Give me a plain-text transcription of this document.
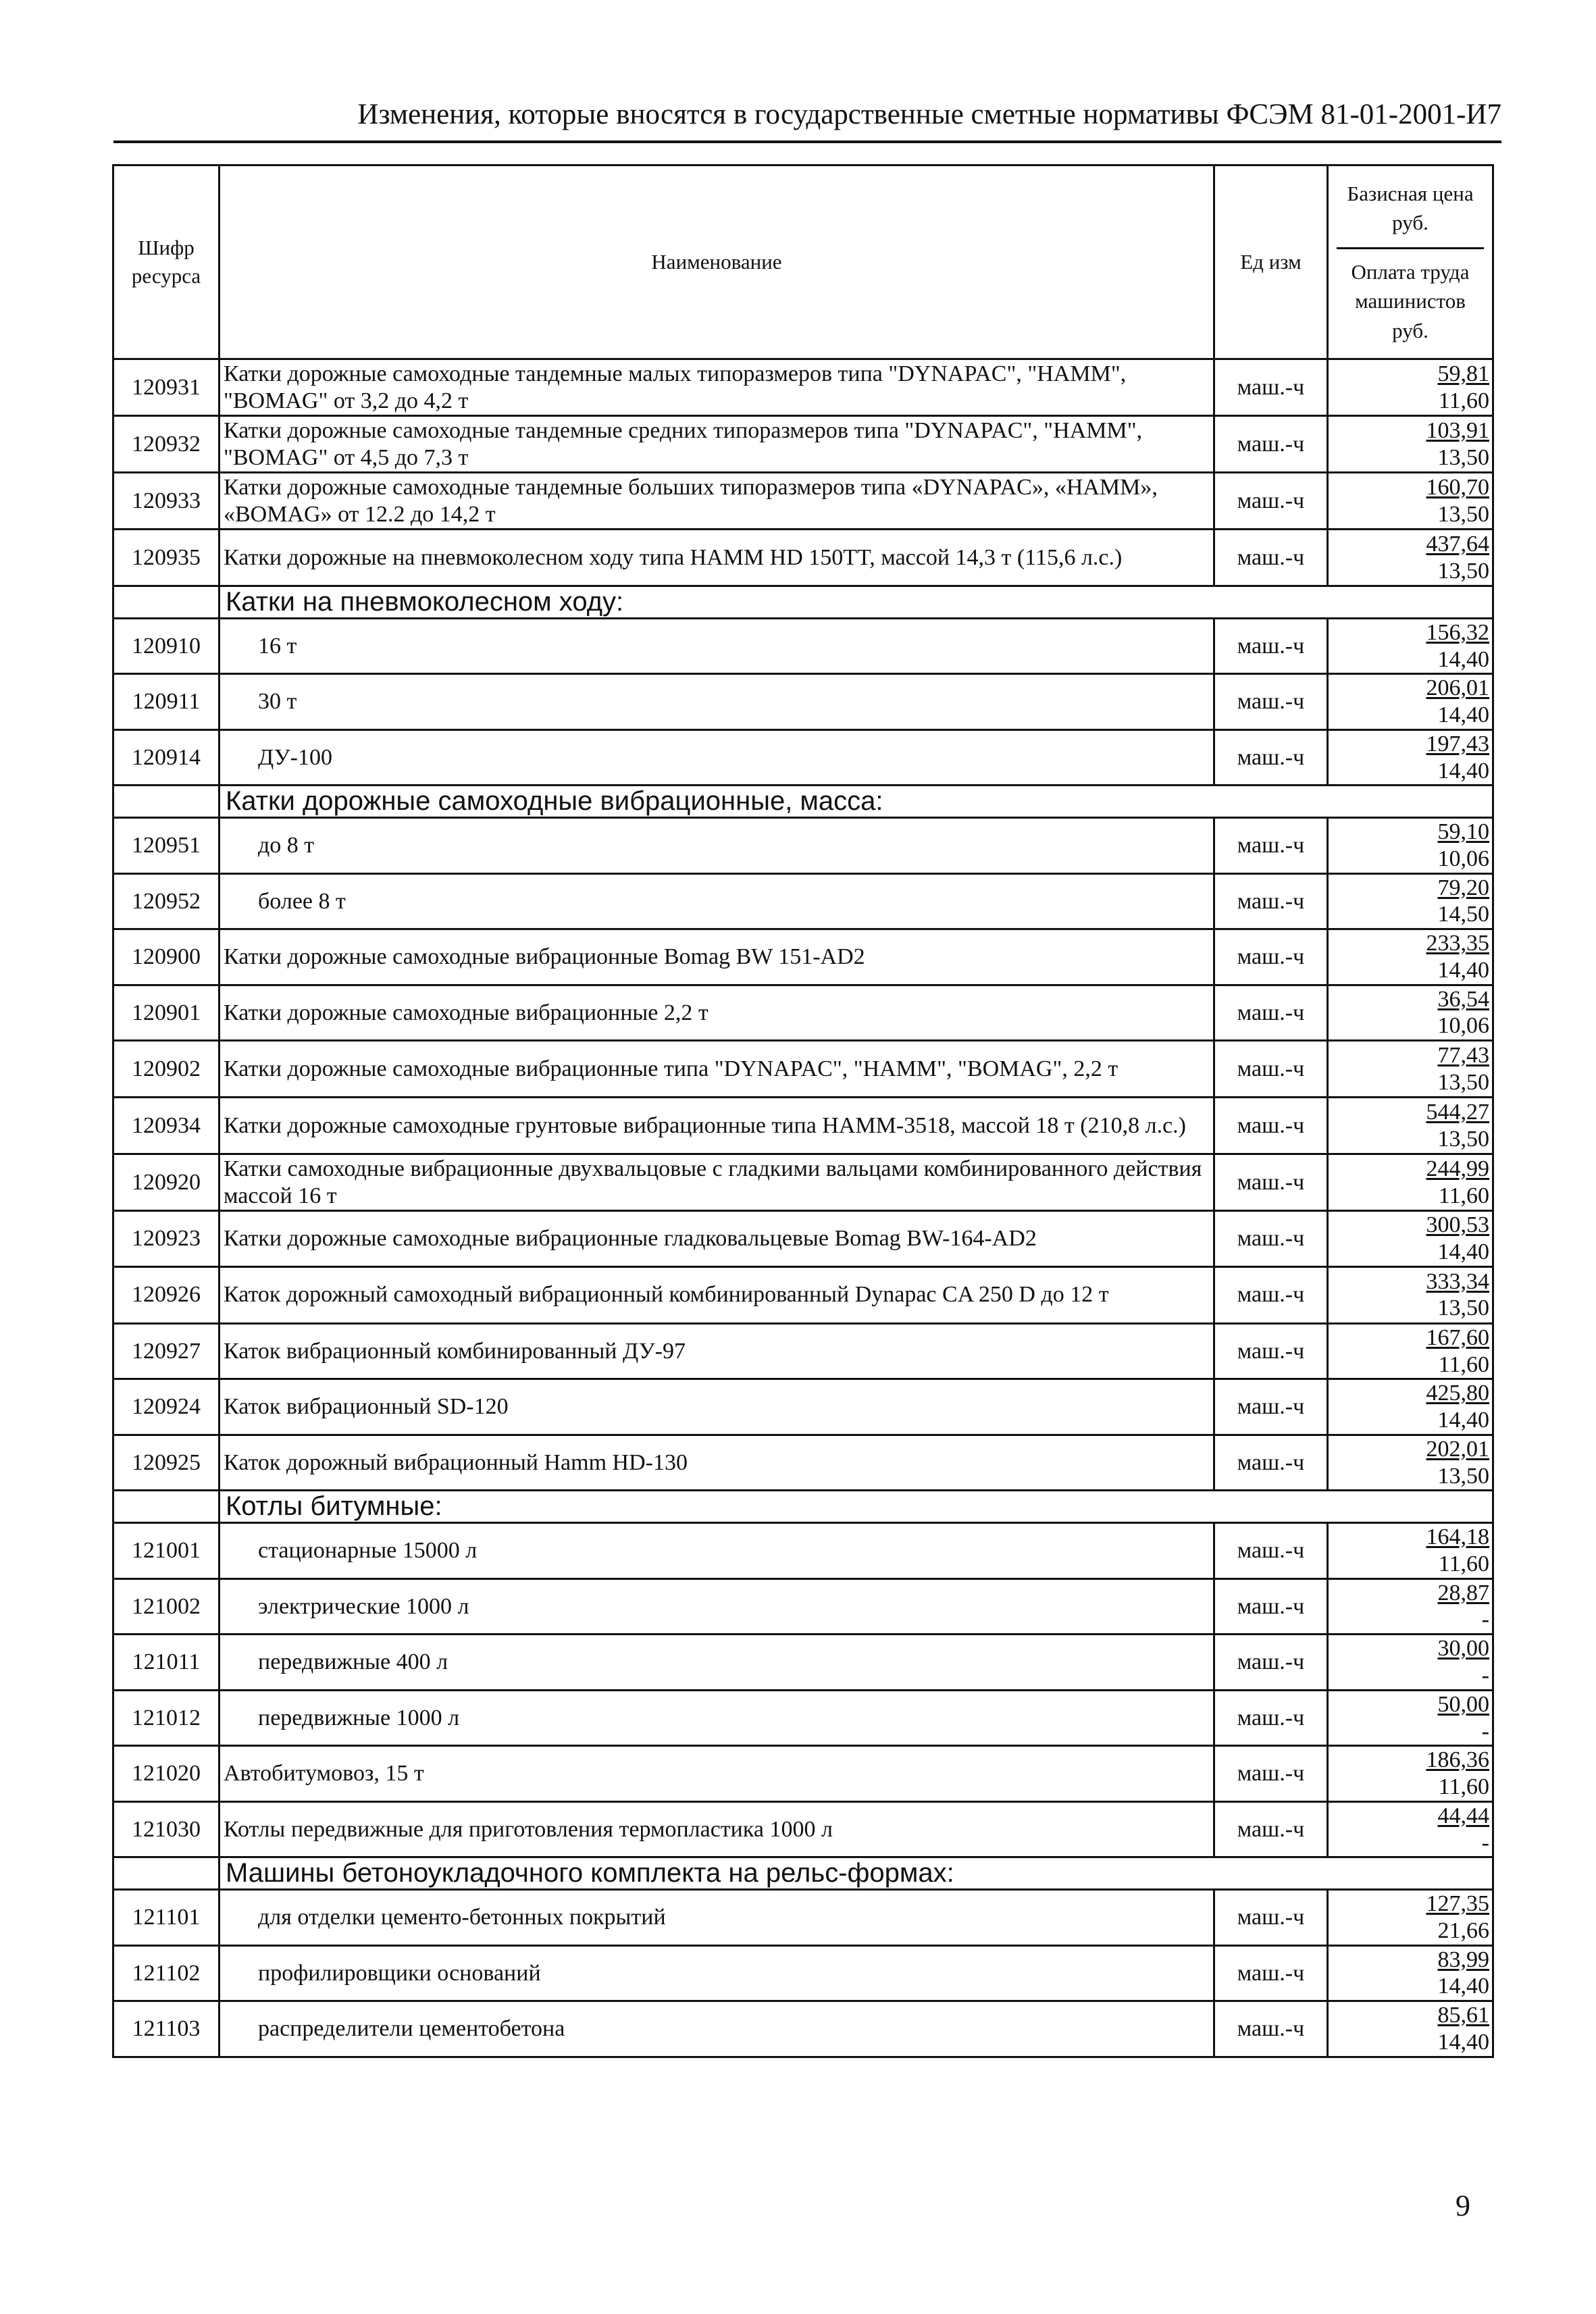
Изменения, которые вносятся в государственные сметные нормативы ФСЭМ 81-01-2001-И7
Шифр ресурса	Наименование	Ед изм	Базисная цена руб.
Оплата труда машинистов руб.

120931	Катки дорожные самоходные тандемные малых типоразмеров типа "DYNAPAC", "HAMM", "BOMAG" от 3,2 до 4,2 т	маш.-ч	59,81
11,60

120932	Катки дорожные самоходные тандемные средних типоразмеров типа "DYNAPAC", "HAMM", "BOMAG" от 4,5 до 7,3 т	маш.-ч	103,91
13,50

120933	Катки дорожные самоходные тандемные больших типоразмеров типа «DYNAPAC», «HAMM», «BOMAG» от 12.2 до 14,2 т	маш.-ч	160,70
13,50

120935	Катки дорожные на пневмоколесном ходу типа HAMM HD 150TT, массой 14,3 т (115,6 л.с.)	маш.-ч	437,64
13,50

	Катки на пневмоколесном ходу:		
120910	16 т	маш.-ч	156,32
14,40

120911	30 т	маш.-ч	206,01
14,40

120914	ДУ-100	маш.-ч	197,43
14,40

	Катки дорожные самоходные вибрационные, масса:		
120951	до 8 т	маш.-ч	59,10
10,06

120952	более 8 т	маш.-ч	79,20
14,50

120900	Катки дорожные самоходные вибрационные Bomag BW 151-AD2	маш.-ч	233,35
14,40

120901	Катки дорожные самоходные вибрационные 2,2 т	маш.-ч	36,54
10,06

120902	Катки дорожные самоходные вибрационные типа "DYNAPAC", "HAMM", "BOMAG", 2,2 т	маш.-ч	77,43
13,50

120934	Катки дорожные самоходные грунтовые вибрационные типа HAMM-3518, массой 18 т (210,8 л.с.)	маш.-ч	544,27
13,50

120920	Катки самоходные вибрационные двухвальцовые с гладкими вальцами комбинированного действия массой 16 т	маш.-ч	244,99
11,60

120923	Катки дорожные самоходные вибрационные гладковальцевые Bomag BW-164-AD2	маш.-ч	300,53
14,40

120926	Каток дорожный самоходный вибрационный комбинированный Dynapac CA 250 D до 12 т	маш.-ч	333,34
13,50

120927	Каток вибрационный комбинированный ДУ-97	маш.-ч	167,60
11,60

120924	Каток вибрационный SD-120	маш.-ч	425,80
14,40

120925	Каток дорожный вибрационный Hamm HD-130	маш.-ч	202,01
13,50

	Котлы битумные:		
121001	стационарные 15000 л	маш.-ч	164,18
11,60

121002	электрические 1000 л	маш.-ч	28,87
-

121011	передвижные 400 л	маш.-ч	30,00
-

121012	передвижные 1000 л	маш.-ч	50,00
-

121020	Автобитумовоз, 15 т	маш.-ч	186,36
11,60

121030	Котлы передвижные для приготовления термопластика 1000 л	маш.-ч	44,44
-

	Машины бетоноукладочного комплекта на рельс-формах:		
121101	для отделки цементо-бетонных покрытий	маш.-ч	127,35
21,66

121102	профилировщики оснований	маш.-ч	83,99
14,40

121103	распределители цементобетона	маш.-ч	85,61
14,40
9
